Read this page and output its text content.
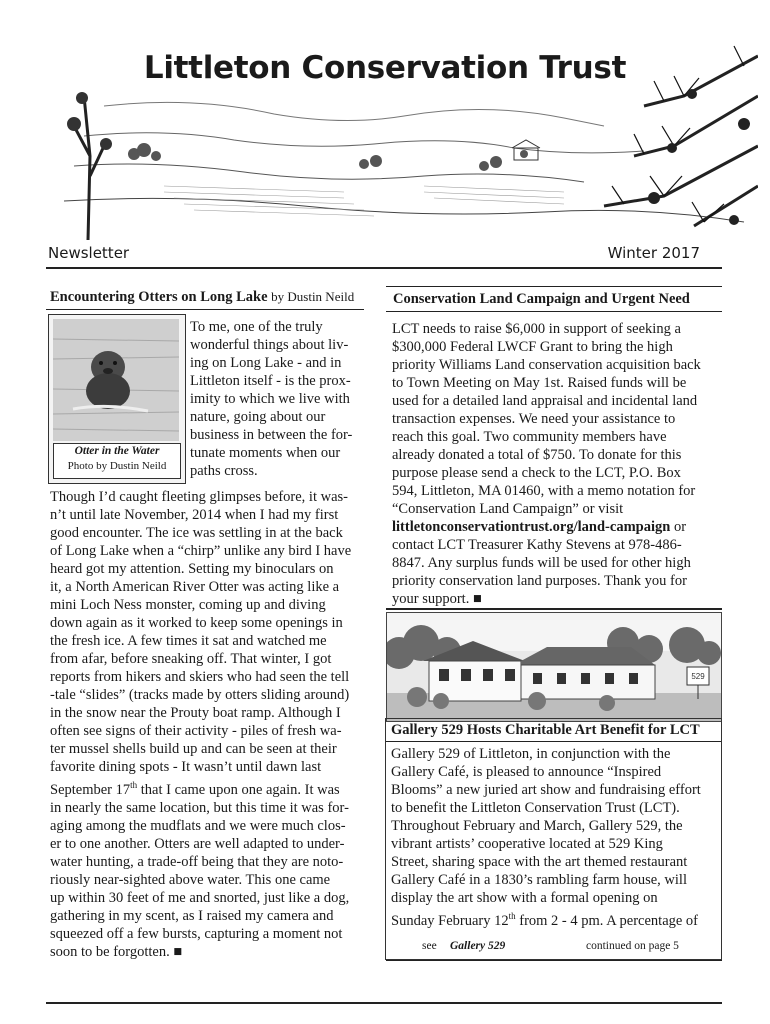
Littleton Conservation Trust
Newsletter	Winter 2017
Encountering Otters on Long Lake by Dustin Neild
Otter in the Water
Photo by Dustin Neild

To me, one of the truly

wonderful things about liv-

ing on Long Lake - and in

Littleton itself - is the prox-

imity to which we live with

nature, going about our

business in between the for-

tunate moments when our

paths cross.

Though I’d caught fleeting glimpses before, it was-

n’t until late November, 2014 when I had my first

good encounter. The ice was settling in at the back

of Long Lake when a “chirp” unlike any bird I have

heard got my attention. Setting my binoculars on

it, a North American River Otter was acting like a

mini Loch Ness monster, coming up and diving

down again as it worked to keep some openings in

the fresh ice. A few times it sat and watched me

from afar, before sneaking off. That winter, I got

reports from hikers and skiers who had seen the tell

-tale “slides” (tracks made by otters sliding around)

in the snow near the Prouty boat ramp. Although I

often see signs of their activity - piles of fresh wa-

ter mussel shells build up and can be seen at their

favorite dining spots - It wasn’t until dawn last

September 17th that I came upon one again. It was

in nearly the same location, but this time it was for-

aging among the mudflats and we were much clos-

er to one another. Otters are well adapted to under-

water hunting, a trade-off being that they are noto-

riously near-sighted above water. This one came

up within 30 feet of me and snorted, just like a dog,

gathering in my scent, as I raised my camera and

squeezed off a few bursts, capturing a moment not

soon to be forgotten. ■

Conservation Land Campaign and Urgent Need

LCT needs to raise $6,000 in support of seeking a

$300,000 Federal LWCF Grant to bring the high

priority Williams Land conservation acquisition back

to Town Meeting on May 1st. Raised funds will be

used for a detailed land appraisal and incidental land

transaction expenses. We need your assistance to

reach this goal. Two community members have

already donated a total of $750. To donate for this

purpose please send a check to the LCT, P.O. Box

594, Littleton, MA 01460, with a memo notation for

“Conservation Land Campaign” or visit

littletonconservationtrust.org/land-campaign or

contact LCT Treasurer Kathy Stevens at 978-486-

8847. Any surplus funds will be used for other high

priority conservation land purposes. Thank you for

your support. ■

529
Gallery 529 Hosts Charitable Art Benefit for LCT

Gallery 529 of Littleton, in conjunction with the

Gallery Café, is pleased to announce “Inspired

Blooms” a new juried art show and fundraising effort

to benefit the Littleton Conservation Trust (LCT).

Throughout February and March, Gallery 529, the

vibrant artists’ cooperative located at 529 King

Street, sharing space with the art themed restaurant

Gallery Café in a 1830’s rambling farm house, will

display the art show with a formal opening on

Sunday February 12th from 2 - 4 pm. A percentage of

see Gallery 529	continued on page 5
